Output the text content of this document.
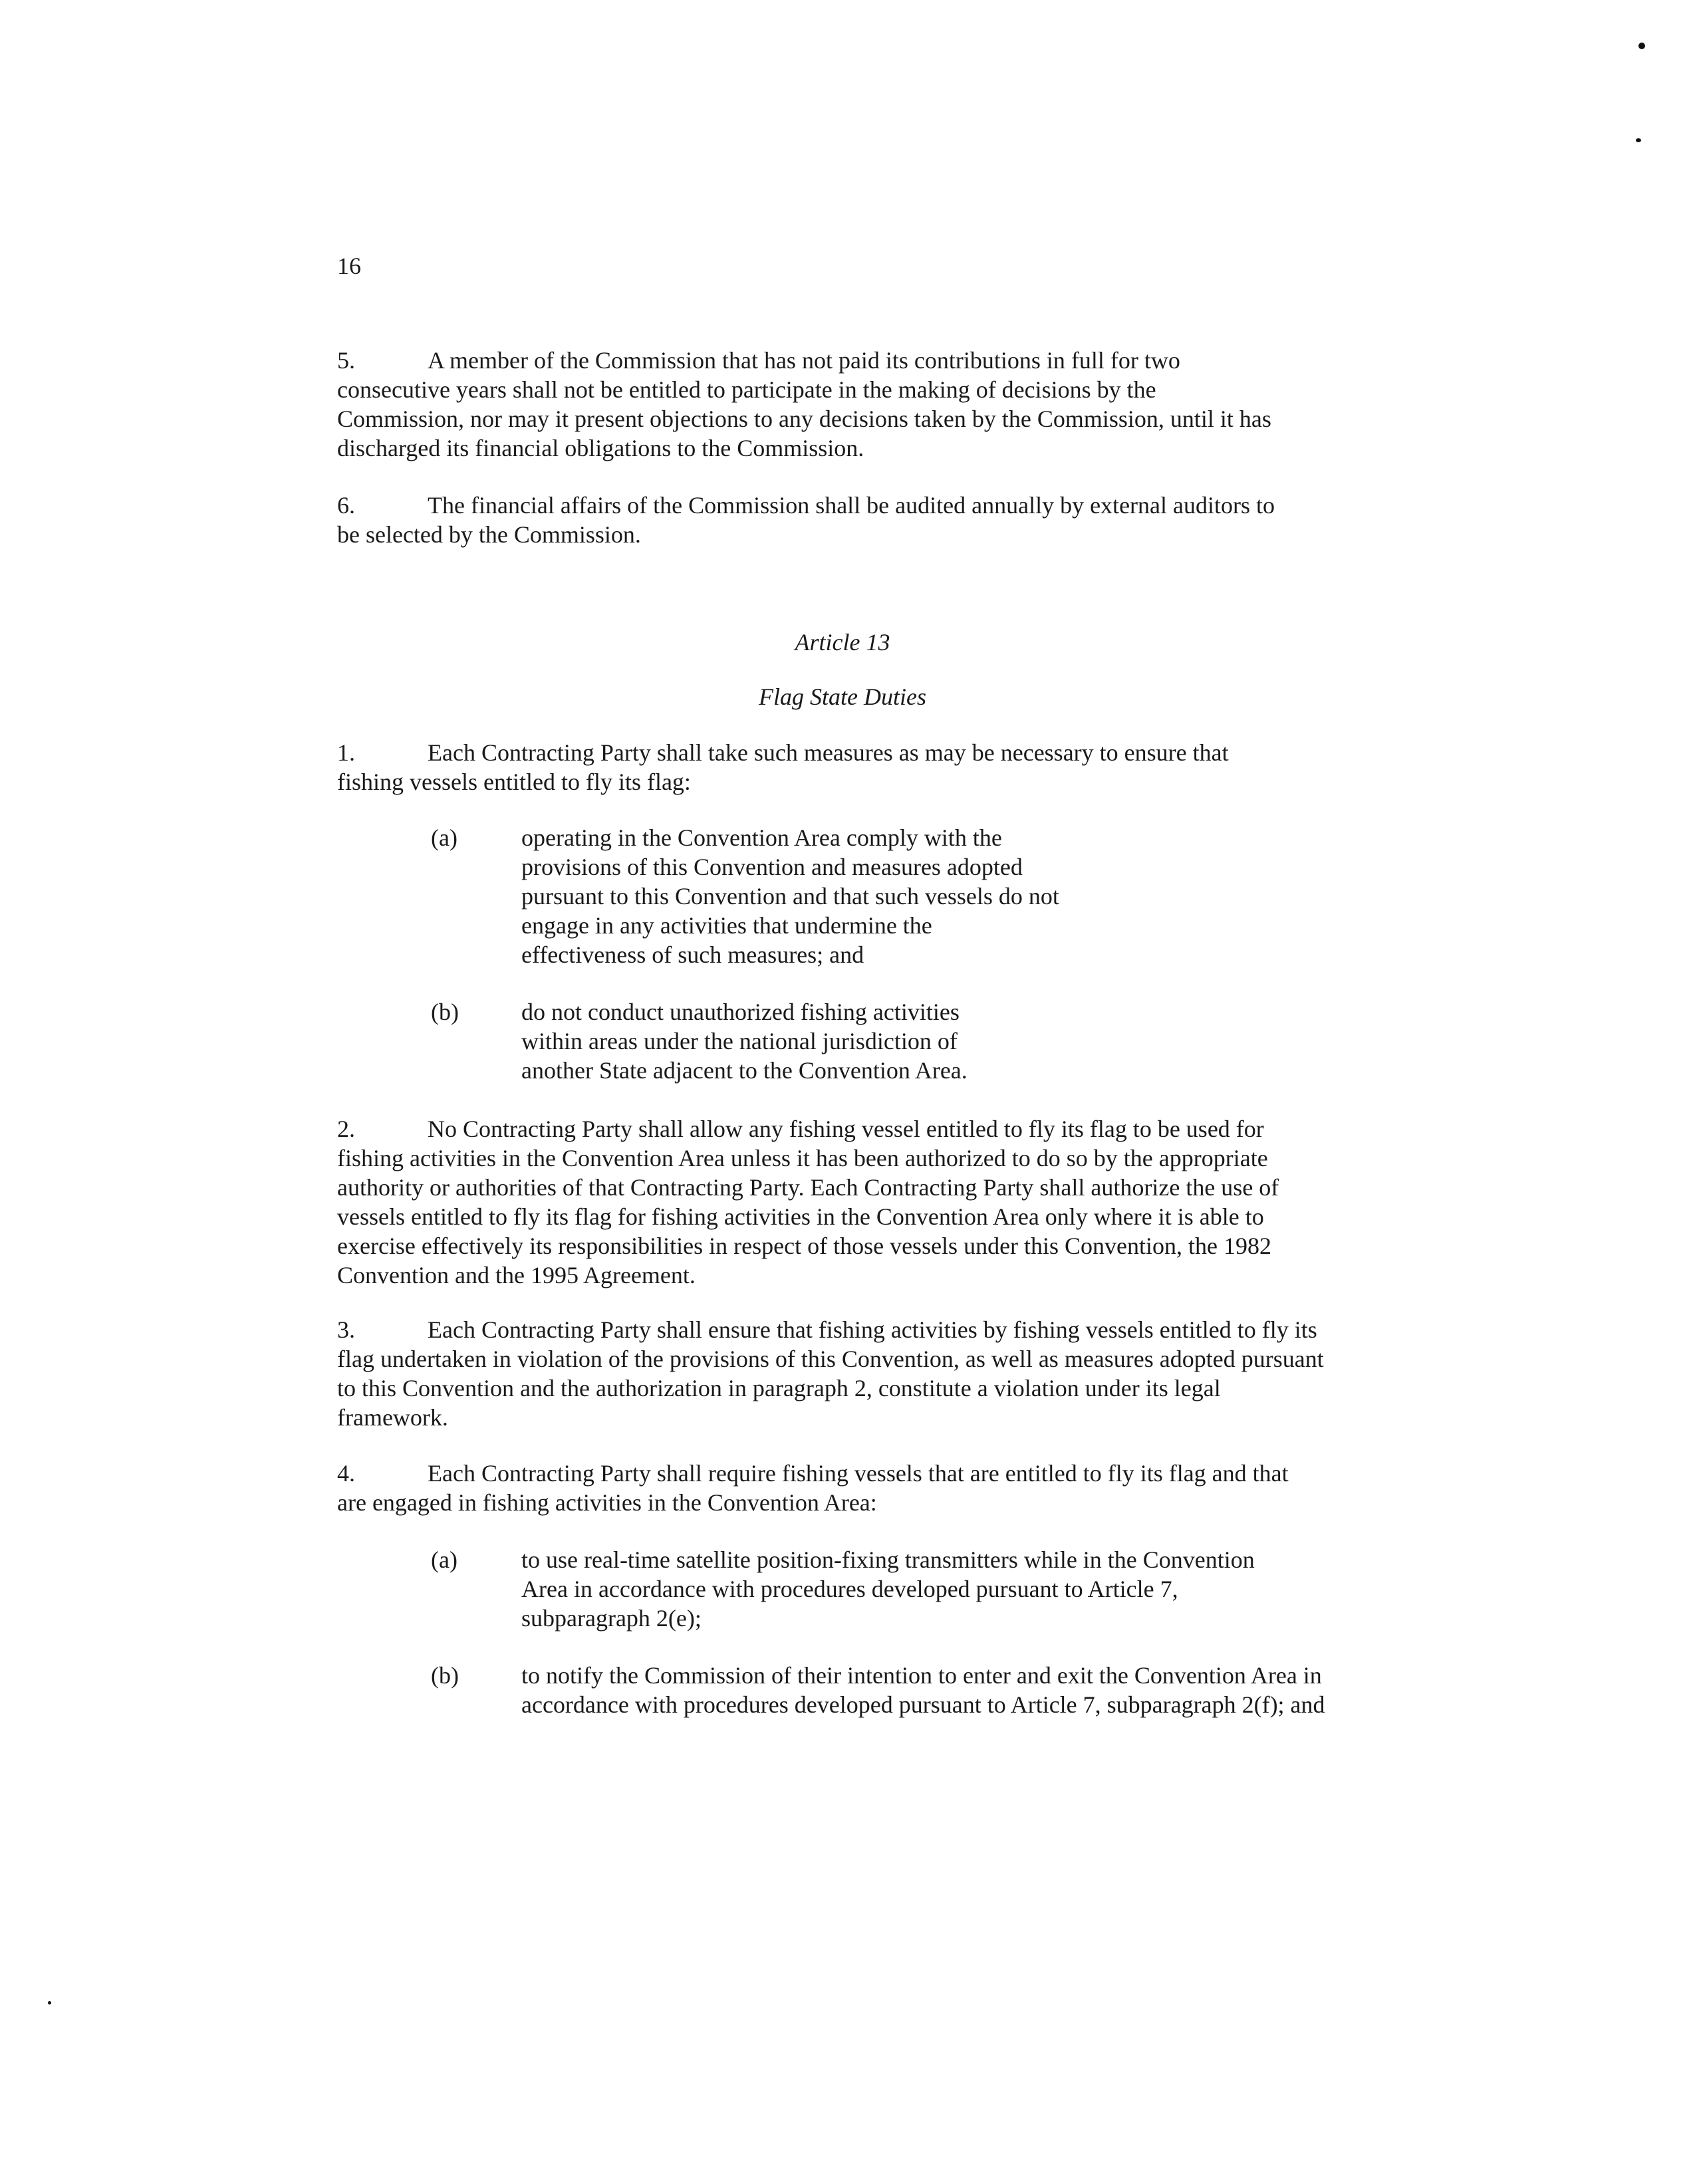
16
5.	A member of the Commission that has not paid its contributions in full for two
consecutive years shall not be entitled to participate in the making of decisions by the
Commission, nor may it present objections to any decisions taken by the Commission, until it has
discharged its financial obligations to the Commission.
6.	The financial affairs of the Commission shall be audited annually by external auditors to
be selected by the Commission.
Article 13
Flag State Duties
1.	Each Contracting Party shall take such measures as may be necessary to ensure that
fishing vessels entitled to fly its flag:
(a)	operating in the Convention Area comply with the
provisions of this Convention and measures adopted
pursuant to this Convention and that such vessels do not
engage in any activities that undermine the
effectiveness of such measures; and
(b)	do not conduct unauthorized fishing activities
within areas under the national jurisdiction of
another State adjacent to the Convention Area.
2.	No Contracting Party shall allow any fishing vessel entitled to fly its flag to be used for
fishing activities in the Convention Area unless it has been authorized to do so by the appropriate
authority or authorities of that Contracting Party. Each Contracting Party shall authorize the use of
vessels entitled to fly its flag for fishing activities in the Convention Area only where it is able to
exercise effectively its responsibilities in respect of those vessels under this Convention, the 1982
Convention and the 1995 Agreement.
3.	Each Contracting Party shall ensure that fishing activities by fishing vessels entitled to fly its
flag undertaken in violation of the provisions of this Convention, as well as measures adopted pursuant
to this Convention and the authorization in paragraph 2, constitute a violation under its legal
framework.
4.	Each Contracting Party shall require fishing vessels that are entitled to fly its flag and that
are engaged in fishing activities in the Convention Area:
(a)	to use real-time satellite position-fixing transmitters while in the Convention
Area in accordance with procedures developed pursuant to Article 7,
subparagraph 2(e);
(b)	to notify the Commission of their intention to enter and exit the Convention Area in
accordance with procedures developed pursuant to Article 7, subparagraph 2(f); and
